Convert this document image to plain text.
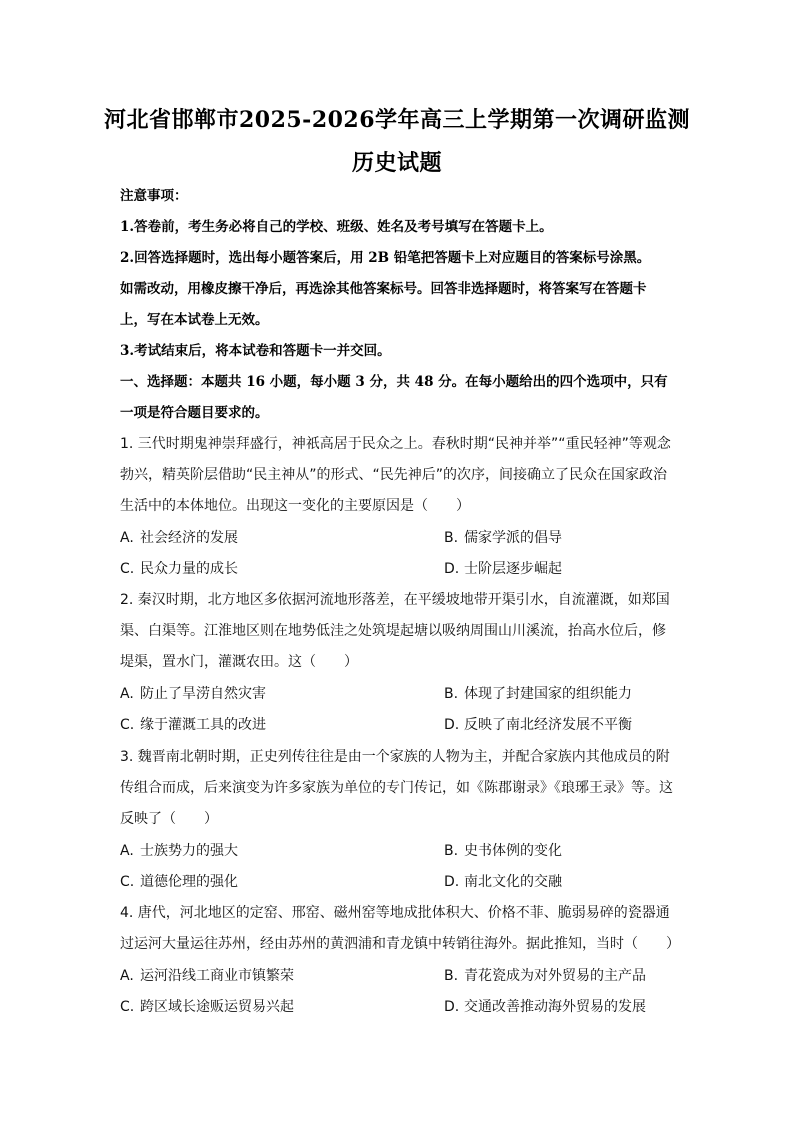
河北省邯郸市2025-2026学年高三上学期第一次调研监测
历史试题
注意事项：
1.答卷前，考生务必将自己的学校、班级、姓名及考号填写在答题卡上。
2.回答选择题时，选出每小题答案后，用 2B 铅笔把答题卡上对应题目的答案标号涂黑。
如需改动，用橡皮擦干净后，再选涂其他答案标号。回答非选择题时，将答案写在答题卡
上，写在本试卷上无效。
3.考试结束后，将本试卷和答题卡一并交回。
一、选择题：本题共 16 小题，每小题 3 分，共 48 分。在每小题给出的四个选项中，只有
一项是符合题目要求的。
1. 三代时期鬼神崇拜盛行，神祇高居于民众之上。春秋时期“民神并举”“重民轻神”等观念
勃兴，精英阶层借助“民主神从”的形式、“民先神后”的次序，间接确立了民众在国家政治
生活中的本体地位。出现这一变化的主要原因是（　　）
A. 社会经济的发展	B. 儒家学派的倡导
C. 民众力量的成长	D. 士阶层逐步崛起
2. 秦汉时期，北方地区多依据河流地形落差，在平缓坡地带开渠引水，自流灌溉，如郑国
渠、白渠等。江淮地区则在地势低洼之处筑堤起塘以吸纳周围山川溪流，抬高水位后，修
堤渠，置水门，灌溉农田。这（　　）
A. 防止了旱涝自然灾害	B. 体现了封建国家的组织能力
C. 缘于灌溉工具的改进	D. 反映了南北经济发展不平衡
3. 魏晋南北朝时期，正史列传往往是由一个家族的人物为主，并配合家族内其他成员的附
传组合而成，后来演变为许多家族为单位的专门传记，如《陈郡谢录》《琅琊王录》等。这
反映了（　　）
A. 士族势力的强大	B. 史书体例的变化
C. 道德伦理的强化	D. 南北文化的交融
4. 唐代，河北地区的定窑、邢窑、磁州窑等地成批体积大、价格不菲、脆弱易碎的瓷器通
过运河大量运往苏州，经由苏州的黄泗浦和青龙镇中转销往海外。据此推知，当时（　　）
A. 运河沿线工商业市镇繁荣	B. 青花瓷成为对外贸易的主产品
C. 跨区域长途贩运贸易兴起	D. 交通改善推动海外贸易的发展
